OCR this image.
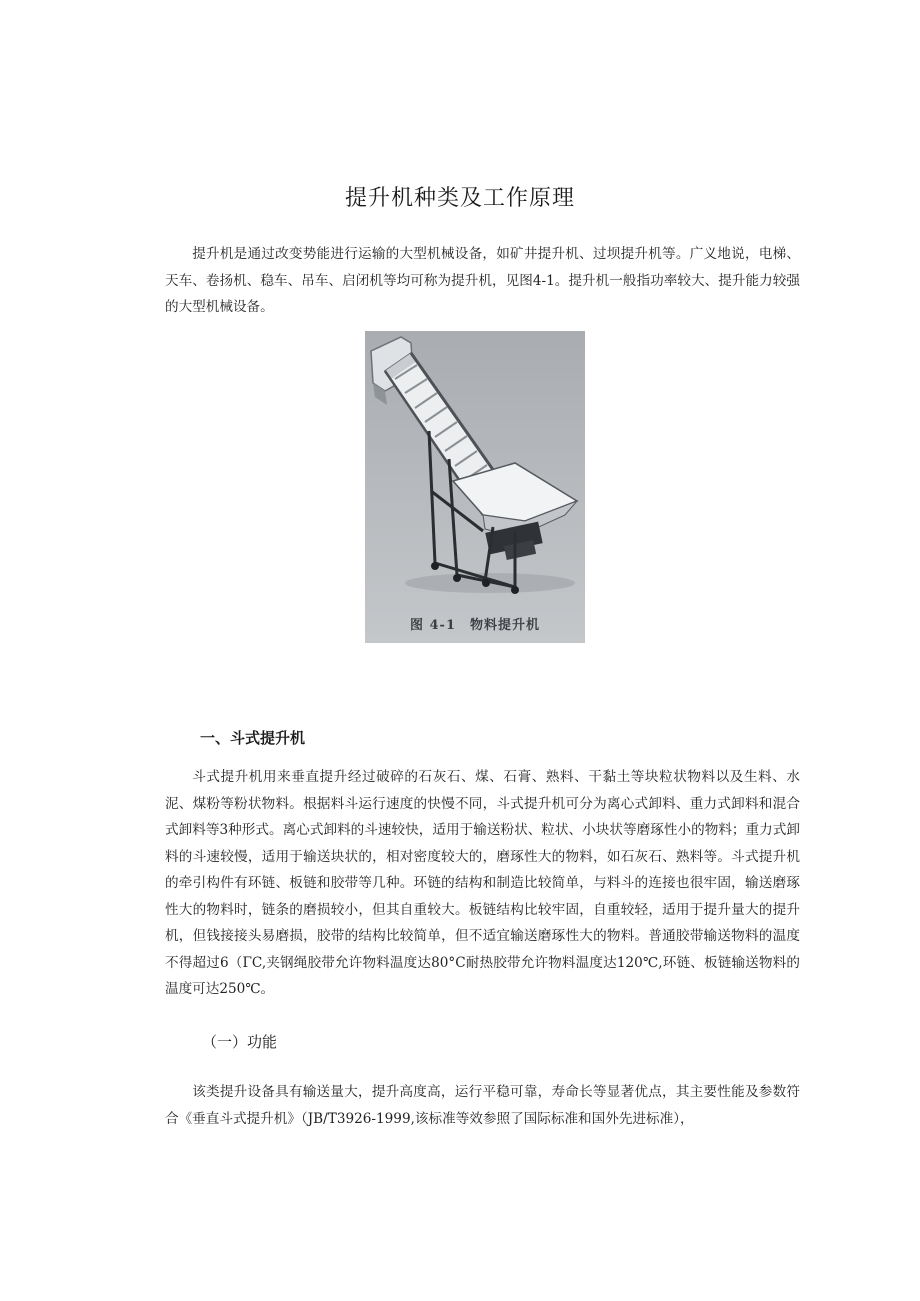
提升机种类及工作原理

提升机是通过改变势能进行运输的大型机械设备，如矿井提升机、过坝提升机等。广义地说，电梯、天车、卷扬机、稳车、吊车、启闭机等均可称为提升机，见图4-1。提升机一般指功率较大、提升能力较强的大型机械设备。

图 4-1 物料提升机
一、斗式提升机

斗式提升机用来垂直提升经过破碎的石灰石、煤、石膏、熟料、干黏土等块粒状物料以及生料、水泥、煤粉等粉状物料。根据料斗运行速度的快慢不同，斗式提升机可分为离心式卸料、重力式卸料和混合式卸料等3种形式。离心式卸料的斗速较快，适用于输送粉状、粒状、小块状等磨琢性小的物料；重力式卸料的斗速较慢，适用于输送块状的，相对密度较大的，磨琢性大的物料，如石灰石、熟料等。斗式提升机的牵引构件有环链、板链和胶带等几种。环链的结构和制造比较简单，与料斗的连接也很牢固，输送磨琢性大的物料时，链条的磨损较小，但其自重较大。板链结构比较牢固，自重较轻，适用于提升量大的提升机，但钱接接头易磨损，胶带的结构比较简单，但不适宜输送磨琢性大的物料。普通胶带输送物料的温度不得超过6（ΓC,夹钢绳胶带允许物料温度达80°C耐热胶带允许物料温度达120℃,环链、板链输送物料的温度可达250℃。

（一）功能

该类提升设备具有输送量大，提升高度高，运行平稳可靠，寿命长等显著优点，其主要性能及参数符合《垂直斗式提升机》（JB/T3926-1999,该标准等效参照了国际标准和国外先进标准），
